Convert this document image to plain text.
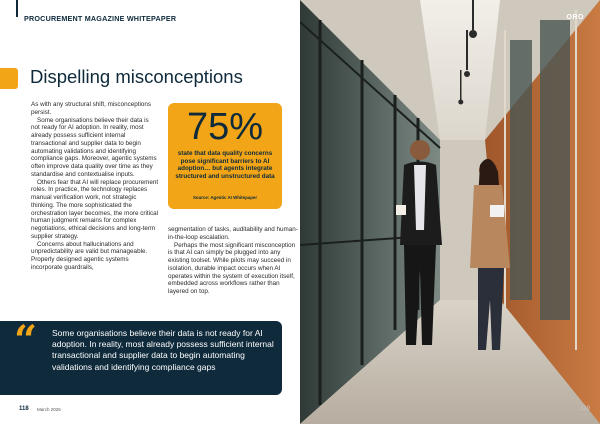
PROCUREMENT MAGAZINE WHITEPAPER
Dispelling misconceptions

As with any structural shift, misconceptions persist.

Some organisations believe their data is not ready for AI adoption. In reality, most already possess sufficient internal transactional and supplier data to begin automating validations and identifying compliance gaps. Moreover, agentic systems often improve data quality over time as they standardise and contextualise inputs.

Others fear that AI will replace procurement roles. In practice, the technology replaces manual verification work, not strategic thinking. The more sophisticated the orchestration layer becomes, the more critical human judgment remains for complex negotiations, ethical decisions and long-term supplier strategy.

Concerns about hallucinations and unpredictability are valid but manageable. Properly designed agentic systems incorporate guardrails,

75%
state that data quality concerns pose significant barriers to AI adoption… but agents integrate structured and unstructured data
Source: Agentic AI Whitepaper

segmentation of tasks, auditability and human-in-the-loop escalation.

Perhaps the most significant misconception is that AI can simply be plugged into any existing toolset. While pilots may succeed in isolation, durable impact occurs when AI operates within the system of execution itself, embedded across workflows rather than layered on top.

“ Some organisations believe their data is not ready for AI adoption. In reality, most already possess sufficient internal transactional and supplier data to begin automating validations and identifying compliance gaps
118 March 2026
ORO
119
